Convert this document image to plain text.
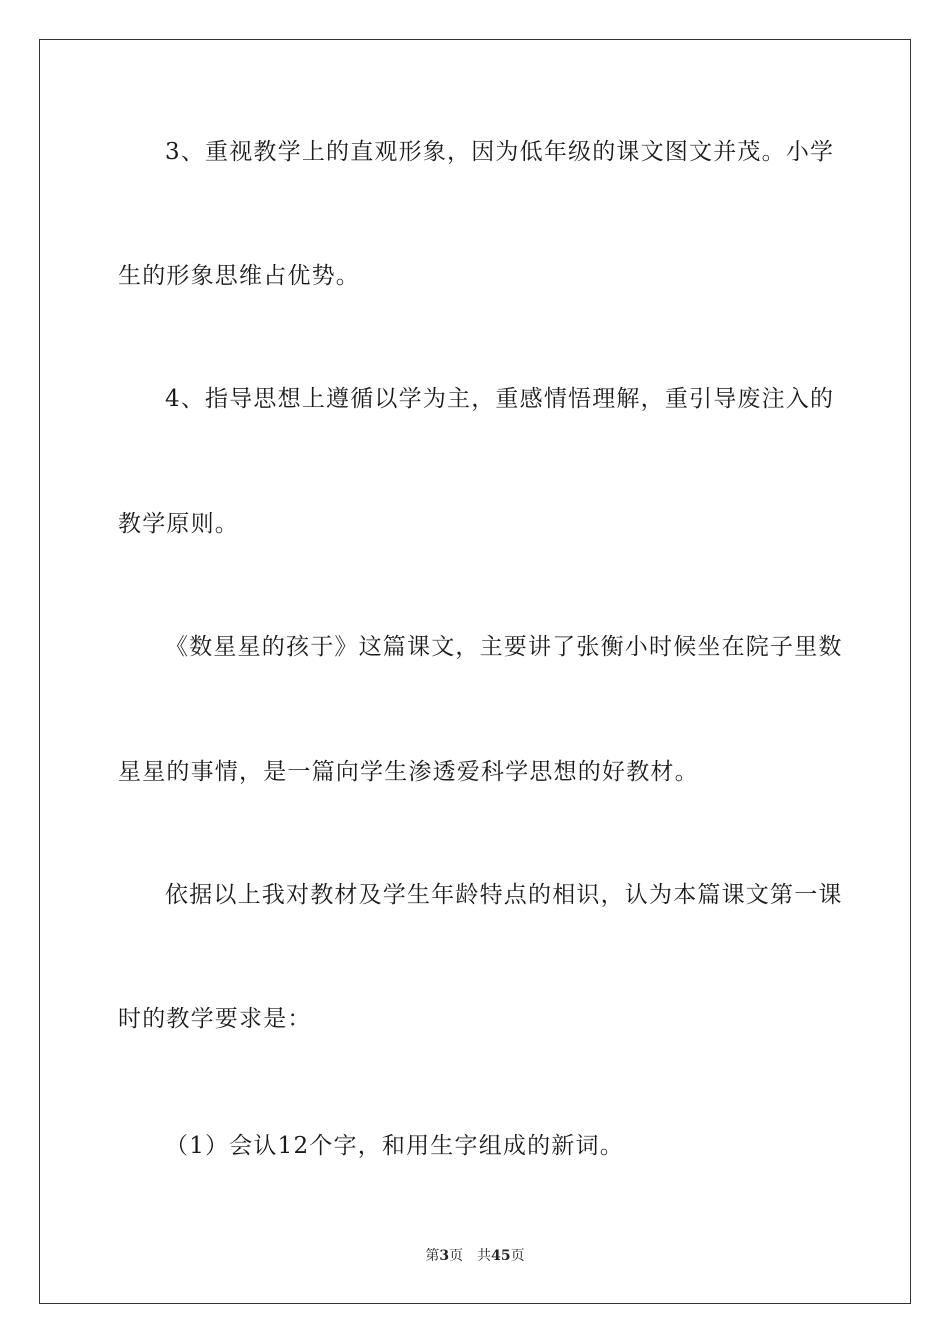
3、重视教学上的直观形象，因为低年级的课文图文并茂。小学
生的形象思维占优势。
4、指导思想上遵循以学为主，重感情悟理解，重引导废注入的
教学原则。
《数星星的孩于》这篇课文，主要讲了张衡小时候坐在院子里数
星星的事情，是一篇向学生渗透爱科学思想的好教材。
依据以上我对教材及学生年龄特点的相识，认为本篇课文第一课
时的教学要求是：
（1）会认12个字，和用生字组成的新词。
第3页 共45页
